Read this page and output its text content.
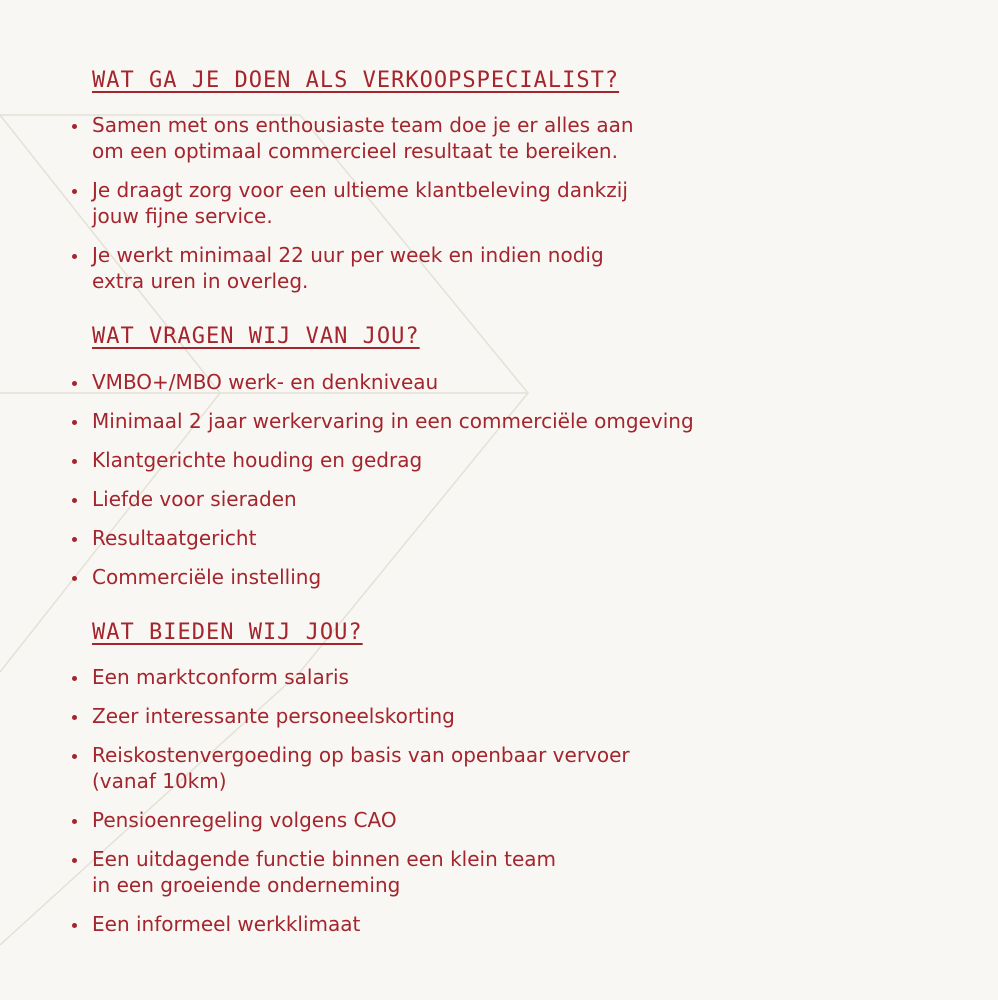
WAT GA JE DOEN ALS VERKOOPSPECIALIST?
Samen met ons enthousiaste team doe je er alles aan
om een optimaal commercieel resultaat te bereiken.
Je draagt zorg voor een ultieme klantbeleving dankzij
jouw fijne service.
Je werkt minimaal 22 uur per week en indien nodig
extra uren in overleg.
WAT VRAGEN WIJ VAN JOU?
VMBO+/MBO werk- en denkniveau
Minimaal 2 jaar werkervaring in een commerciële omgeving
Klantgerichte houding en gedrag
Liefde voor sieraden
Resultaatgericht
Commerciële instelling
WAT BIEDEN WIJ JOU?
Een marktconform salaris
Zeer interessante personeelskorting
Reiskostenvergoeding op basis van openbaar vervoer
(vanaf 10km)
Pensioenregeling volgens CAO
Een uitdagende functie binnen een klein team
in een groeiende onderneming
Een informeel werkklimaat
